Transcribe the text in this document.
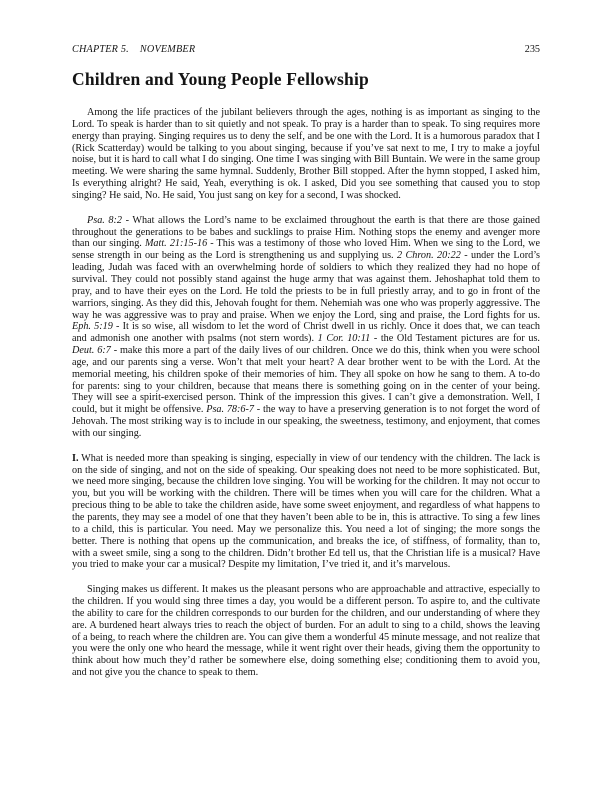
CHAPTER 5. NOVEMBER	235
Children and Young People Fellowship

Among the life practices of the jubilant believers through the ages, nothing is as important as singing to the Lord. To speak is harder than to sit quietly and not speak. To pray is a harder than to speak. To sing requires more energy than praying. Singing requires us to deny the self, and be one with the Lord. It is a humorous paradox that I (Rick Scatterday) would be talking to you about singing, because if you’ve sat next to me, I try to make a joyful noise, but it is hard to call what I do singing. One time I was singing with Bill Buntain. We were in the same group meeting. We were sharing the same hymnal. Suddenly, Brother Bill stopped. After the hymn stopped, I asked him, Is everything alright? He said, Yeah, everything is ok. I asked, Did you see something that caused you to stop singing? He said, No. He said, You just sang on key for a second, I was shocked.

Psa. 8:2 - What allows the Lord’s name to be exclaimed throughout the earth is that there are those gained throughout the generations to be babes and sucklings to praise Him. Nothing stops the enemy and avenger more than our singing. Matt. 21:15-16 - This was a testimony of those who loved Him. When we sing to the Lord, we sense strength in our being as the Lord is strengthening us and supplying us. 2 Chron. 20:22 - under the Lord’s leading, Judah was faced with an overwhelming horde of soldiers to which they realized they had no hope of survival. They could not possibly stand against the huge army that was against them. Jehoshaphat told them to pray, and to have their eyes on the Lord. He told the priests to be in full priestly array, and to go in front of the warriors, singing. As they did this, Jehovah fought for them. Nehemiah was one who was properly aggressive. The way he was aggressive was to pray and praise. When we enjoy the Lord, sing and praise, the Lord fights for us. Eph. 5:19 - It is so wise, all wisdom to let the word of Christ dwell in us richly. Once it does that, we can teach and admonish one another with psalms (not stern words). 1 Cor. 10:11 - the Old Testament pictures are for us. Deut. 6:7 - make this more a part of the daily lives of our children. Once we do this, think when you were school age, and our parents sing a verse. Won’t that melt your heart? A dear brother went to be with the Lord. At the memorial meeting, his children spoke of their memories of him. They all spoke on how he sang to them. A to-do for parents: sing to your children, because that means there is something going on in the center of your being. They will see a spirit-exercised person. Think of the impression this gives. I can’t give a demonstration. Well, I could, but it might be offensive. Psa. 78:6-7 - the way to have a preserving generation is to not forget the word of Jehovah. The most striking way is to include in our speaking, the sweetness, testimony, and enjoyment, that comes with our singing.

I. What is needed more than speaking is singing, especially in view of our tendency with the children. The lack is on the side of singing, and not on the side of speaking. Our speaking does not need to be more sophisticated. But, we need more singing, because the children love singing. You will be working for the children. It may not occur to you, but you will be working with the children. There will be times when you will care for the children. What a precious thing to be able to take the children aside, have some sweet enjoyment, and regardless of what happens to the parents, they may see a model of one that they haven’t been able to be in, this is attractive. To sing a few lines to a child, this is particular. You need. May we personalize this. You need a lot of singing; the more songs the better. There is nothing that opens up the communication, and breaks the ice, of stiffness, of formality, than to, with a sweet smile, sing a song to the children. Didn’t brother Ed tell us, that the Christian life is a musical? Have you tried to make your car a musical? Despite my limitation, I’ve tried it, and it’s marvelous.

Singing makes us different. It makes us the pleasant persons who are approachable and attractive, especially to the children. If you would sing three times a day, you would be a different person. To aspire to, and the cultivate the ability to care for the children corresponds to our burden for the children, and our understanding of where they are. A burdened heart always tries to reach the object of burden. For an adult to sing to a child, shows the leaving of a being, to reach where the children are. You can give them a wonderful 45 minute message, and not realize that you were the only one who heard the message, while it went right over their heads, giving them the opportunity to think about how much they’d rather be somewhere else, doing something else; conditioning them to avoid you, and not give you the chance to speak to them.
